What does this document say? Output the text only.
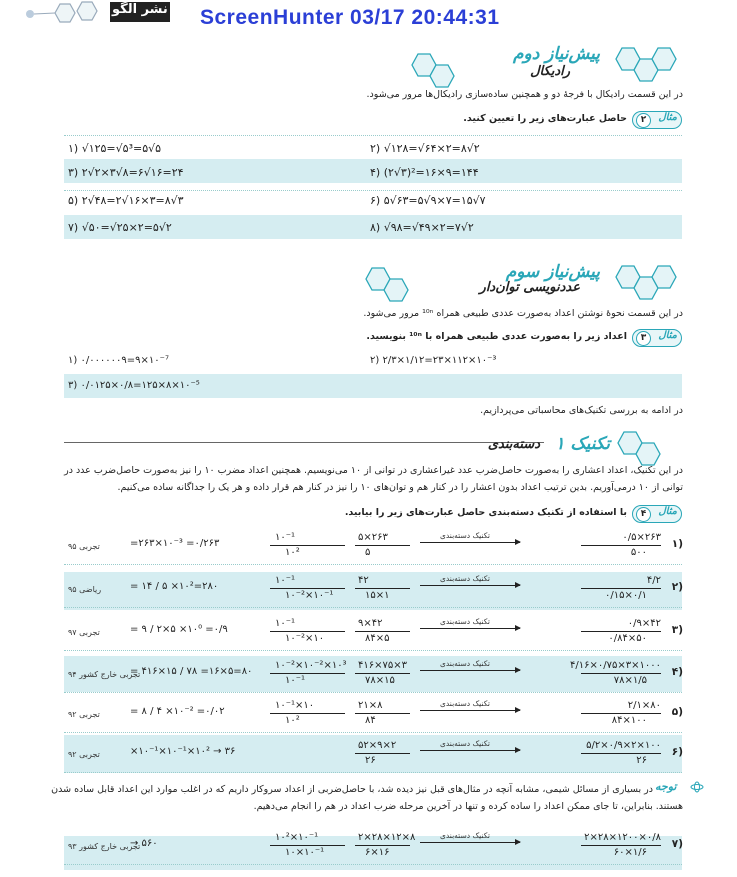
نشر الگو ScreenHunter 03/17 20:44:31
پیش‌نیاز دوم
رادیکال
در این قسمت رادیکال با فرجهٔ دو و همچنین ساده‌سازی رادیکال‌ها مرور می‌شود.
مثال
۲
حاصل عبارت‌های زیر را تعیین کنید.
۲) √۱۲۸=√۶۴×۲=۸√۲
۱) √۱۲۵=√۵³=۵√۵
۴) (۲√۳)²=۱۶×۹=۱۴۴
۳) ۲√۲×۳√۸=۶√۱۶=۲۴
۶) ۵√۶۳=۵√۹×۷=۱۵√۷
۵) ۲√۴۸=۲√۱۶×۳=۸√۳
۸) √۹۸=√۴۹×۲=۷√۲
۷) √۵۰=√۲۵×۲=۵√۲
پیش‌نیاز سوم
عددنویسی توان‌دار
در این قسمت نحوهٔ نوشتن اعداد به‌صورت عددی طبیعی همراه ¹⁰ⁿ مرور می‌شود.
مثال
۳
اعداد زیر را به‌صورت عددی طبیعی همراه با ¹⁰ⁿ بنویسید.
۲) ۲/۳×۱/۱۲=۲۳×۱۱۲×۱۰⁻³
۱) ۰/۰۰۰۰۰۰۹=۹×۱۰⁻⁷
۳) ۰/۰۱۲۵×۰/۸=۱۲۵×۸×۱۰⁻⁵
در ادامه به بررسی تکنیک‌های محاسباتی می‌پردازیم.
تکنیک ۱
دسته‌بندی
در این تکنیک، اعداد اعشاری را به‌صورت حاصل‌ضرب عدد غیراعشاری در توانی از ۱۰ می‌نویسیم. همچنین اعداد مضرب ۱۰ را نیز به‌صورت حاصل‌ضرب عدد در
توانی از ۱۰ درمی‌آوریم. بدین ترتیب اعداد بدون اعشار را در کنار هم و توان‌های ۱۰ را نیز در کنار هم قرار داده و هر یک را جداگانه ساده می‌کنیم.
مثال
۴
با استفاده از تکنیک دسته‌بندی حاصل عبارت‌های زیر را بیابید.
توجه
در بسیاری از مسائل شیمی، مشابه آنچه در مثال‌های قبل نیز دیده شد، با حاصل‌ضربی از اعداد سروکار داریم که در اغلب موارد این اعداد قابل ساده شدن
هستند. بنابراین، تا جای ممکن اعداد را ساده کرده و تنها در آخرین مرحله ضرب اعداد در هم را انجام می‌دهیم.
۱)
۰/۵×۲۶۳
۵۰۰
تکنیک دسته‌بندی
۵×۲۶۳
۵
۱۰⁻¹
۱۰²
=۲۶۳×۱۰⁻³ =۰/۲۶۳
تجربی ۹۵
۲)
۴/۲
۰/۱۵×۰/۱
تکنیک دسته‌بندی
۴۲
۱۵×۱
۱۰⁻¹
۱۰⁻²×۱۰⁻¹
= ۱۴ / ۵ ×۱۰²=۲۸۰
ریاضی ۹۵
۳)
۰/۹×۴۲
۰/۸۴×۵۰
تکنیک دسته‌بندی
۹×۴۲
۸۴×۵
۱۰⁻¹
۱۰⁻²×۱۰
= ۹ / ۲×۵ ×۱۰⁰ =۰/۹
تجربی ۹۷
۴)
۴/۱۶×۰/۷۵×۳×۱۰۰۰
۷۸×۱/۵
تکنیک دسته‌بندی
۴۱۶×۷۵×۳
۷۸×۱۵
۱۰⁻²×۱۰⁻²×۱۰³
۱۰⁻¹
= ۴۱۶×۱۵ / ۷۸ =۱۶×۵=۸۰
تجربی خارج کشور ۹۴
۵)
۲/۱×۸۰
۸۴×۱۰۰
تکنیک دسته‌بندی
۲۱×۸
۸۴
۱۰⁻¹×۱۰
۱۰²
= ۸ / ۴ ×۱۰⁻² =۰/۰۲
تجربی ۹۲
۶)
۵/۲×۰/۹×۲×۱۰۰
۲۶
تکنیک دسته‌بندی
۵۲×۹×۲
۲۶
×۱۰⁻¹×۱۰⁻¹×۱۰² → ۳۶
تجربی ۹۲
۷)
۲×۲۸×۱۲۰۰×۰/۸
۶۰×۱/۶
تکنیک دسته‌بندی
۲×۲۸×۱۲×۸
۶×۱۶
۱۰²×۱۰⁻¹
۱۰×۱۰⁻¹
→ ۵۶۰
تجربی خارج کشور ۹۳
